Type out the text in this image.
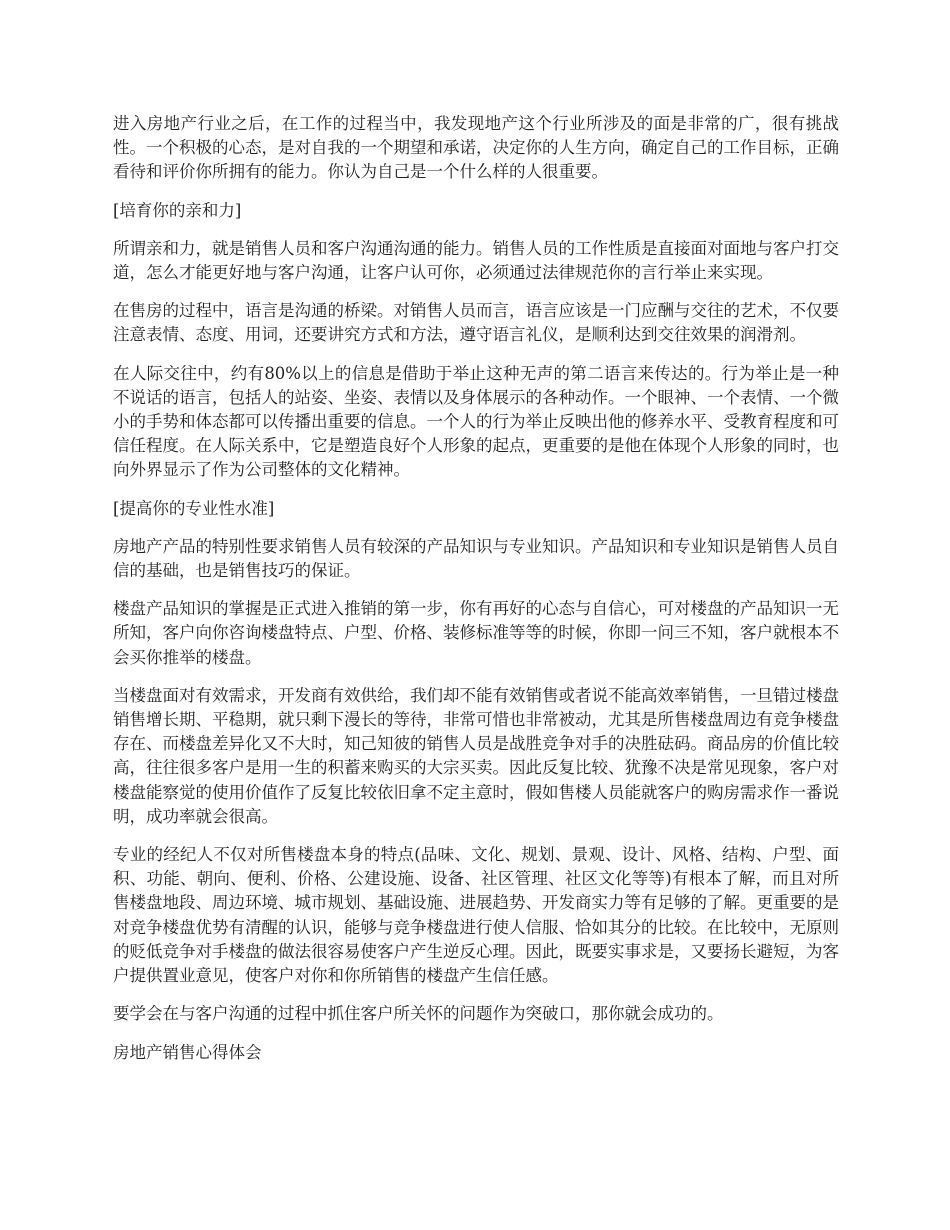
进入房地产行业之后，在工作的过程当中，我发现地产这个行业所涉及的面是非常的广，很有挑战性。一个积极的心态，是对自我的一个期望和承诺，决定你的人生方向，确定自己的工作目标，正确看待和评价你所拥有的能力。你认为自己是一个什么样的人很重要。

[培育你的亲和力]

所谓亲和力，就是销售人员和客户沟通沟通的能力。销售人员的工作性质是直接面对面地与客户打交道，怎么才能更好地与客户沟通，让客户认可你，必须通过法律规范你的言行举止来实现。

在售房的过程中，语言是沟通的桥梁。对销售人员而言，语言应该是一门应酬与交往的艺术，不仅要注意表情、态度、用词，还要讲究方式和方法，遵守语言礼仪，是顺利达到交往效果的润滑剂。

在人际交往中，约有80%以上的信息是借助于举止这种无声的第二语言来传达的。行为举止是一种不说话的语言，包括人的站姿、坐姿、表情以及身体展示的各种动作。一个眼神、一个表情、一个微小的手势和体态都可以传播出重要的信息。一个人的行为举止反映出他的修养水平、受教育程度和可信任程度。在人际关系中，它是塑造良好个人形象的起点，更重要的是他在体现个人形象的同时，也向外界显示了作为公司整体的文化精神。

[提高你的专业性水准]

房地产产品的特别性要求销售人员有较深的产品知识与专业知识。产品知识和专业知识是销售人员自信的基础，也是销售技巧的保证。

楼盘产品知识的掌握是正式进入推销的第一步，你有再好的心态与自信心，可对楼盘的产品知识一无所知，客户向你咨询楼盘特点、户型、价格、装修标准等等的时候，你即一问三不知，客户就根本不会买你推举的楼盘。

当楼盘面对有效需求，开发商有效供给，我们却不能有效销售或者说不能高效率销售，一旦错过楼盘销售增长期、平稳期，就只剩下漫长的等待，非常可惜也非常被动，尤其是所售楼盘周边有竞争楼盘存在、而楼盘差异化又不大时，知己知彼的销售人员是战胜竞争对手的决胜砝码。商品房的价值比较高，往往很多客户是用一生的积蓄来购买的大宗买卖。因此反复比较、犹豫不决是常见现象，客户对楼盘能察觉的使用价值作了反复比较依旧拿不定主意时，假如售楼人员能就客户的购房需求作一番说明，成功率就会很高。

专业的经纪人不仅对所售楼盘本身的特点(品味、文化、规划、景观、设计、风格、结构、户型、面积、功能、朝向、便利、价格、公建设施、设备、社区管理、社区文化等等)有根本了解，而且对所售楼盘地段、周边环境、城市规划、基础设施、进展趋势、开发商实力等有足够的了解。更重要的是对竞争楼盘优势有清醒的认识，能够与竞争楼盘进行使人信服、恰如其分的比较。在比较中，无原则的贬低竞争对手楼盘的做法很容易使客户产生逆反心理。因此，既要实事求是，又要扬长避短，为客户提供置业意见，使客户对你和你所销售的楼盘产生信任感。

要学会在与客户沟通的过程中抓住客户所关怀的问题作为突破口，那你就会成功的。

房地产销售心得体会
